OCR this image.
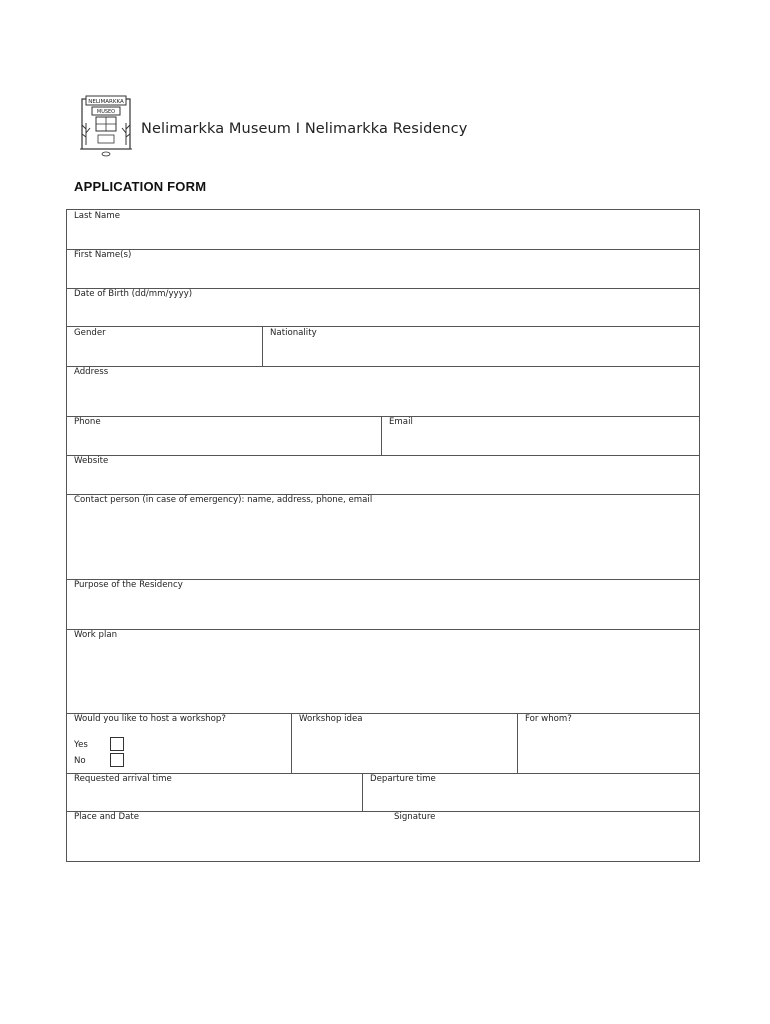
NELIMARKKA
MUSEO
Nelimarkka Museum I Nelimarkka Residency
APPLICATION FORM
Last Name
First Name(s)
Date of Birth (dd/mm/yyyy)
Gender	Nationality
Address
Phone	Email
Website
Contact person (in case of emergency): name, address, phone, email
Purpose of the Residency
Work plan
Would you like to host a workshop?
Yes
No
Workshop idea	For whom?
Requested arrival time	Departure time
Place and Date	Signature
